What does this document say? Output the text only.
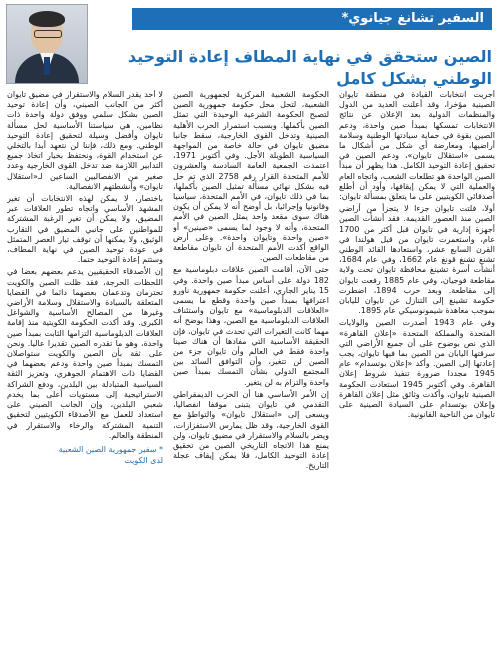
السفير تشانغ جيانوي*
الصين ستحقق في نهاية المطاف إعادة التوحيد الوطني بشكل كامل

أجريت انتخابات القيادة في منطقة تايوان الصينية مؤخرا، وقد أعلنت العديد من الدول والمنظمات الدولية بعد الإعلان عن نتائج الانتخابات تمسكها بمبدأ صين واحدة، ودعم الصين بقوة في حماية سيادتها الوطنية وسلامة أراضيها، ومعارضة أي شكل من أشكال ما يسمى «استقلال تايوان»، ودعم الصين في تحقيق إعادة التوحيد الكامل. هذا يظهر أن مبدأ الصين الواحدة هو تطلعات الشعب، واتجاه العام والعملية التي لا يمكن إيقافها، وأود أن أطلع أصدقائي الكويتيين على ما يتعلق بمسألة تايوان:

أولا، فلتت تايوان جزءا لا يتجزأ من أراضي الصين منذ العصور القديمة. فقد أنشأت الصين أجهزة إدارية في تايوان قبل أكثر من 1700 عام، واستعمرت تايوان من قبل هولندا في القرن السابع عشر، واستعادها القائد الوطني تشنغ تشنغ قونغ عام 1662، وفي عام 1684، أنشأت أسرة تشينغ محافظة تايوان تحت ولاية مقاطعة فوجيان، وفي عام 1885 رفعت تايوان إلى مقاطعة. وبعد حرب 1894، اضطرت حكومة تشينغ إلى التنازل عن تايوان لليابان بموجب معاهدة شيمونوسيكي عام 1895.

وفي عام 1943 أصدرت الصين والولايات المتحدة والمملكة المتحدة «إعلان القاهرة» الذي نص بوضوح على أن جميع الأراضي التي سرقتها اليابان من الصين بما فيها تايوان، يجب إعادتها إلى الصين. وأكد «إعلان بوتسدام» عام 1945 مجددا ضرورة تنفيذ شروط إعلان القاهرة. وفي أكتوبر 1945 استعادت الحكومة الصينية تايوان، وأكدت وثائق مثل إعلان القاهرة وإعلان بوتسدام على السيادة الصينية على تايوان من الناحية القانونية.

الحكومة الشعبية المركزية لجمهورية الصين الشعبية، لتحل محل حكومة جمهورية الصين لتصبح الحكومة الشرعية الوحيدة التي تمثل الصين بأكملها. وبسبب استمرار الحرب الأهلية الصينية وتدخل القوى الخارجية، سقط جانبا مضيق تايوان في حالة خاصة من المواجهة السياسية الطويلة الأجل. وفي أكتوبر 1971، اعتمدت الجمعية العامة السادسة والعشرون للأمم المتحدة القرار رقم 2758 الذي تم حل فيه بشكل نهائي مسألة تمثيل الصين بأكملها، بما في ذلك تايوان، في الأمم المتحدة، سياسيا وقانونيا وإجرائيا، بل أوضح أنه لا يمكن أن يكون هناك سوى مقعد واحد يمثل الصين في الأمم المتحدة، وأنه لا وجود لما يسمى «صينين» أو «صين واحدة وتايوان واحدة». وعلى أرض الواقع أكدت الأمم المتحدة أن تايوان مقاطعة من مقاطعات الصين.

حتى الآن، أقامت الصين علاقات دبلوماسية مع 182 دولة على أساس مبدأ صين واحدة. وفي 15 يناير الجاري، أعلنت حكومة جمهورية ناورو اعترافها بمبدأ صين واحدة وقطع ما يسمى «العلاقات الدبلوماسية» مع تايوان واستئناف العلاقات الدبلوماسية مع الصين، وهذا يوضح أنه مهما كانت التغيرات التي تحدث في تايوان، فإن الحقيقة الأساسية التي مفادها أن هناك صينا واحدة فقط في العالم وأن تايوان جزء من الصين لن تتغير، وأن التوافق السائد بين المجتمع الدولي بشأن التمسك بمبدأ صين واحدة والتزام به لن يتغير.

إن الأمر الأساسي هنا أن الحزب الديمقراطي التقدمي في تايوان يتبنى موقفا انفصاليا، ويسعى إلى «استقلال تايوان» والتواطؤ مع القوى الخارجية، وقد ظل يمارس الاستفزازات، ويضر بالسلام والاستقرار في مضيق تايوان، ولن يمنع هذا الاتجاه التاريخي الصين من تحقيق إعادة التوحيد الكامل، فلا يمكن إيقاف عجلة التاريخ.

لا أحد يقدر السلام والاستقرار في مضيق تايوان أكثر من الجانب الصيني، وأن إعادة توحيد الصين بشكل سلمي ووفق دولة واحدة ذات نظامين، هي سياستنا الأساسية لحل مسألة تايوان وأفضل وسيلة لتحقيق إعادة التوحيد الوطني. ومع ذلك، فإننا لن نتعهد أبدا بالتخلي عن استخدام القوة، ونحتفظ بخيار اتخاذ جميع التدابير اللازمة ضد تدخل القوى الخارجية وعدد صغير من الانفصاليين الساعين لـ«استقلال تايوان» وأنشطتهم الانفصالية.

باختصار، لا يمكن لهذه الانتخابات أن تغير المشهد الأساسي واتجاه تطور العلاقات عبر المضيق، ولا يمكن أن تغير الرغبة المشتركة للمواطنين على جانبي المضيق في التقارب الوثيق، ولا يمكنها أن توقف تيار العصر المتمثل في عودة توحيد الصين في نهاية المطاف، وستتم إعادة التوحيد حتما.

إن الأصدقاء الحقيقيين يدعم بعضهم بعضا في اللحظات الحرجة، فقد ظلت الصين والكويت تحترمان وتدعمان بعضهما دائما في القضايا المتعلقة بالسيادة والاستقلال وسلامة الأراضي وغيرها من المصالح الأساسية والشواغل الكبرى. وقد أكدت الحكومة الكويتية منذ إقامة العلاقات الدبلوماسية التزامها الثابت بمبدأ صين واحدة، وهو ما تقدره الصين تقديرا عاليا. ونحن على ثقة بأن الصين والكويت ستواصلان التمسك بمبدأ صين واحدة ودعم بعضهما في القضايا ذات الاهتمام الجوهري، وتعزيز الثقة السياسية المتبادلة بين البلدين، ودفع الشراكة الاستراتيجية إلى مستويات أعلى بما يخدم شعبي البلدين، وإن الجانب الصيني على استعداد للعمل مع الأصدقاء الكويتيين لتحقيق التنمية المشتركة والرخاء والاستقرار في المنطقة والعالم.

* سفير جمهورية الصين الشعبية
لدى الكويت
